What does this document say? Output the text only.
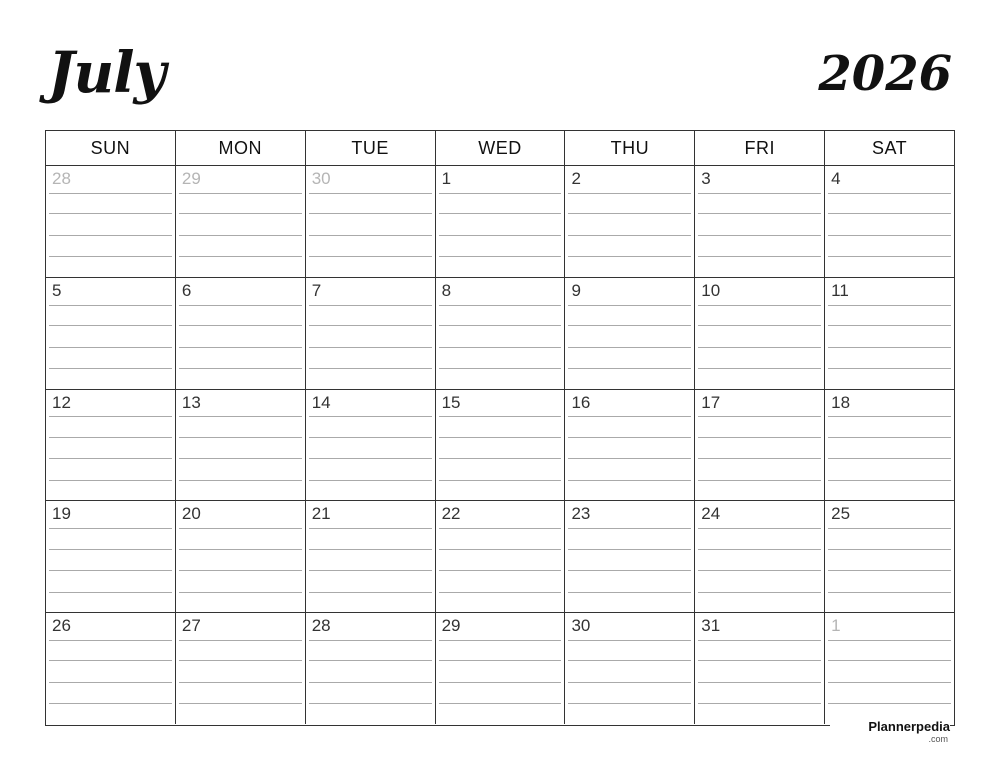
July	2026
SUN	MON	TUE	WED	THU	FRI	SAT
28	29	30	1	2	3	4
5	6	7	8	9	10	11
12	13	14	15	16	17	18
19	20	21	22	23	24	25
26	27	28	29	30	31	1
Plannerpedia
.com
